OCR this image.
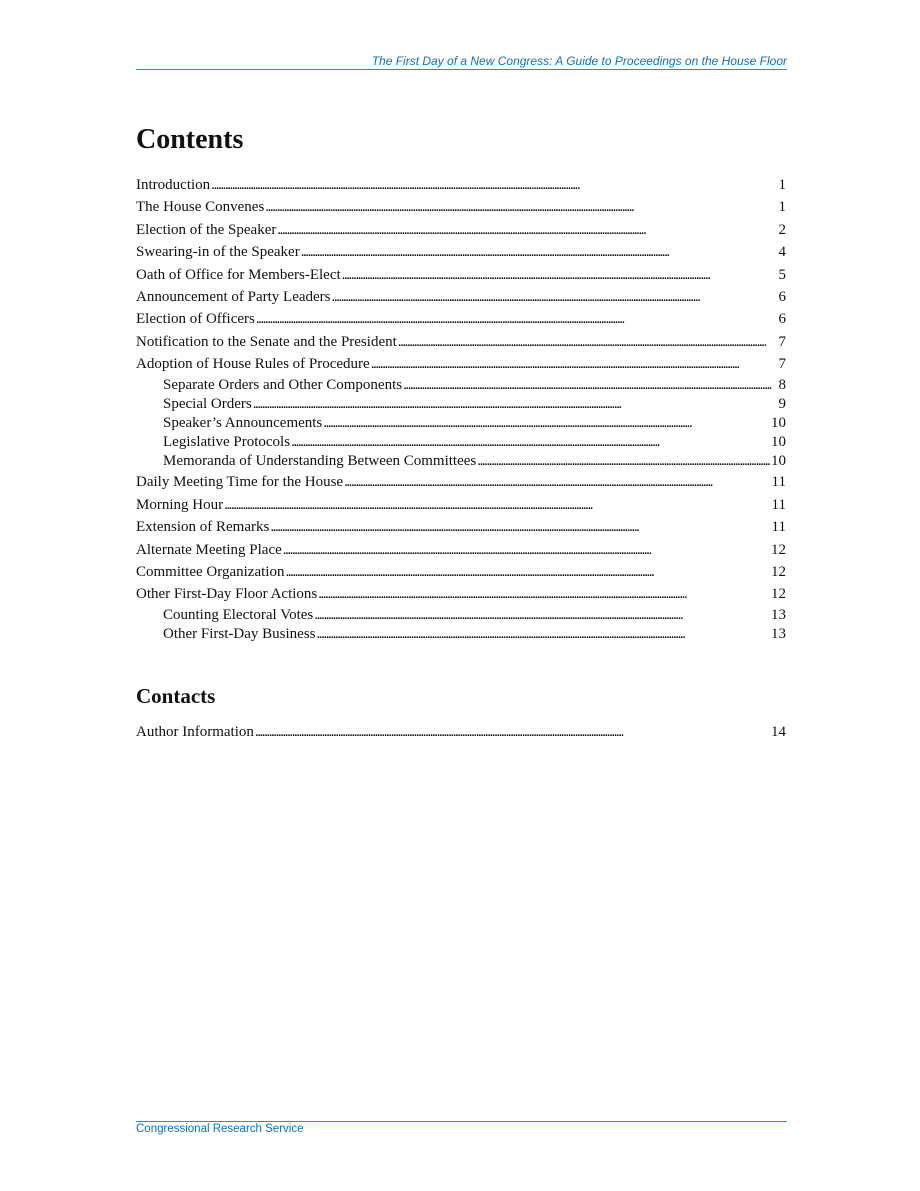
The First Day of a New Congress: A Guide to Proceedings on the House Floor
Contents
Introduction . . .	1
The House Convenes . . .	1
Election of the Speaker . . .	2
Swearing-in of the Speaker . . .	4
Oath of Office for Members-Elect . . .	5
Announcement of Party Leaders . . .	6
Election of Officers . . .	6
Notification to the Senate and the President . . .	7
Adoption of House Rules of Procedure . . .	7
Separate Orders and Other Components . . .	8
Special Orders . . .	9
Speaker’s Announcements . . .	10
Legislative Protocols . . .	10
Memoranda of Understanding Between Committees . . .	10
Daily Meeting Time for the House . . .	11
Morning Hour . . .	11
Extension of Remarks . . .	11
Alternate Meeting Place . . .	12
Committee Organization . . .	12
Other First-Day Floor Actions . . .	12
Counting Electoral Votes . . .	13
Other First-Day Business . . .	13
Contacts
Author Information . . .	14
Congressional Research Service
